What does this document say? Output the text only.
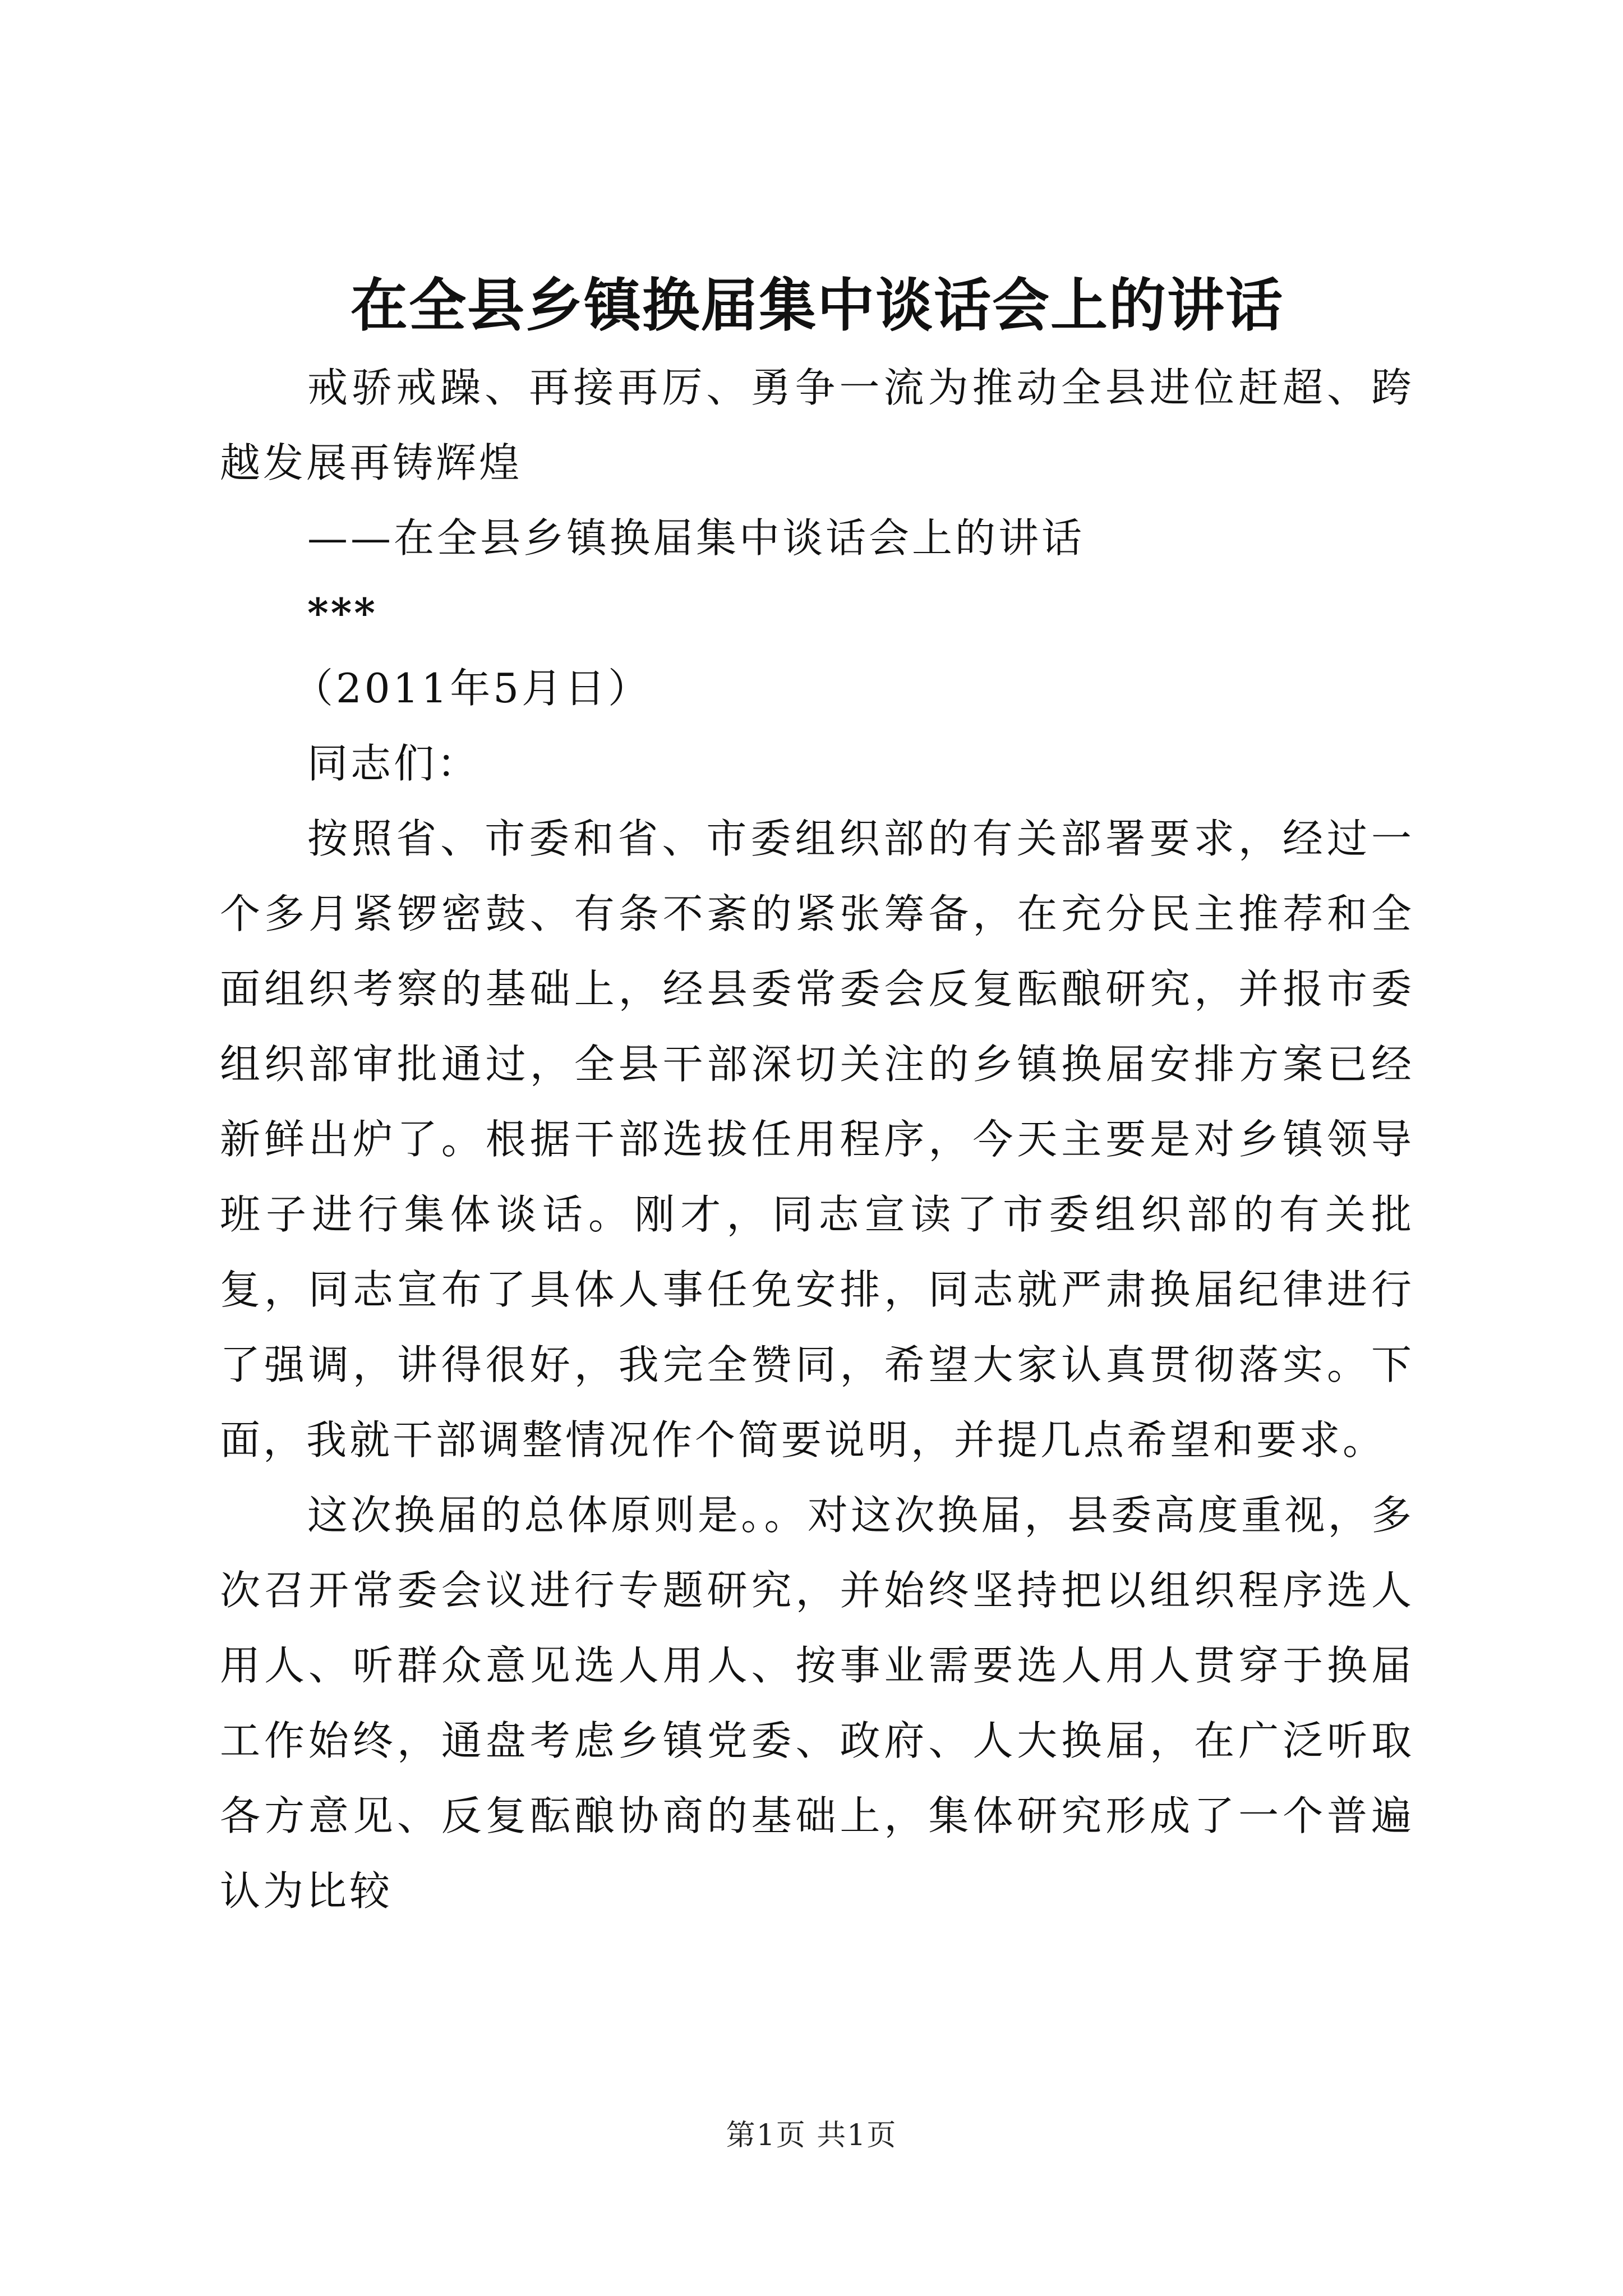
在全县乡镇换届集中谈话会上的讲话

戒骄戒躁、再接再厉、勇争一流为推动全县进位赶超、跨越发展再铸辉煌

——在全县乡镇换届集中谈话会上的讲话

***

（2011年5月日）

同志们：

按照省、市委和省、市委组织部的有关部署要求，经过一个多月紧锣密鼓、有条不紊的紧张筹备，在充分民主推荐和全面组织考察的基础上，经县委常委会反复酝酿研究，并报市委组织部审批通过，全县干部深切关注的乡镇换届安排方案已经新鲜出炉了。根据干部选拔任用程序，今天主要是对乡镇领导班子进行集体谈话。刚才，同志宣读了市委组织部的有关批复，同志宣布了具体人事任免安排，同志就严肃换届纪律进行了强调，讲得很好，我完全赞同，希望大家认真贯彻落实。下面，我就干部调整情况作个简要说明，并提几点希望和要求。

这次换届的总体原则是。。对这次换届，县委高度重视，多次召开常委会议进行专题研究，并始终坚持把以组织程序选人用人、听群众意见选人用人、按事业需要选人用人贯穿于换届工作始终，通盘考虑乡镇党委、政府、人大换届，在广泛听取各方意见、反复酝酿协商的基础上，集体研究形成了一个普遍认为比较

第1页 共1页
